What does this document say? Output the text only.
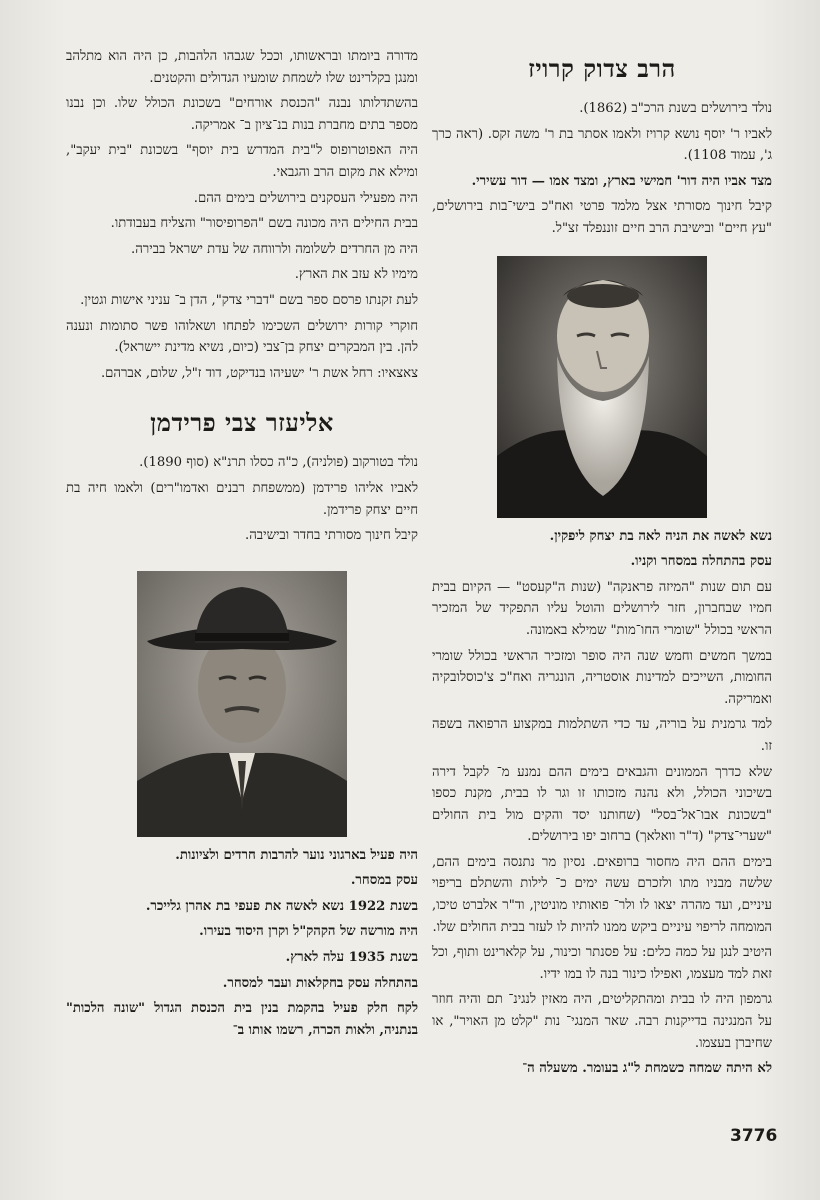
הרב צדוק קרויז

נולד בירושלים בשנת הרכ"ב (1862).

לאביו ר' יוסף נושא קרויז ולאמו אסתר בת ר' משה זקס. (ראה כרך ג', עמוד 1108).

מצד אביו היה דור' חמישי בארץ, ומצד אמו — דור עשירי.

קיבל חינוך מסורתי אצל מלמד פרטי ואח"כ בישי־בות בירושלים, "עץ חיים" ובישיבת הרב חיים זוננפלד זצ"ל.

נשא לאשה את הניה לאה בת יצחק ליפקין.

עסק בהתחלה במסחר וקניו.

עם תום שנות "המיזה פראנקה" (שנות ה"קעסט" — הקיום בבית חמיו שבחברון, חזר לירושלים והוטל עליו התפקיד של המזכיר הראשי בכולל "שומרי החו־מות" שמילא באמונה.

במשך חמשים וחמש שנה היה סופר ומזכיר הראשי בכולל שומרי החומות, השייכים למדינות אוסטריה, הונגריה ואח"כ צ'כוסלובקיה ואמריקה.

למד גרמנית על בוריה, עד כדי השתלמות במקצוע הרפואה בשפה זו.

שלא כדרך הממונים והגבאים בימים ההם נמנע מ־ לקבל דירה בשיכוני הכולל, ולא נהנה מזכותו זו וגר לו בבית, מקנת כספו "בשכונת אבו־אל־בסל" (שחותנו יסד והקים מול בית החולים "שערי־צדק" (ד"ר וואלאך) ברחוב יפו בירושלים.

בימים ההם היה מחסור ברופאים. נסיון מר נתנסה בימים ההם, שלשה מבניו מתו ולזכרם עשה ימים כ־ לילות והשתלם בריפוי עיניים, ועד מהרה יצאו לו ולר־ פואותיו מוניטין, וד"ר אלברט טיכו, המומחה לריפוי עיניים ביקש ממנו להיות לו לעזר בבית החולים שלו.

היטיב לנגן על כמה כלים: על פסנתר וכינור, על קלארינט ותוף, וכל זאת למד מעצמו, ואפילו כינור בנה לו במו ידיו.

גרמפון היה לו בבית ומהתקליטים, היה מאזין לנגינ־ תם והיה חוזר על המנגינה בדייקנות רבה. שאר המנגי־ נות "קלט מן האויר", או שחיברן בעצמו.

לא היתה שמחה כשמחת ל"ג בעומר. משעלה ה־

מדורה ביומתו ובראשותו, וככל שגבהו הלהבות, כן היה הוא מתלהב ומנגן בקלרינט שלו לשמחת שומעיו הגדולים והקטנים.

בהשתדלותו נבנה "הכנסת אורחים" בשכונת הכולל שלו. וכן נבנו מספר בתים מחברת בנות בנ־ציון ב־ אמריקה.

היה האפוטרופוס ל"בית המדרש בית יוסף" בשכונת "בית יעקב", ומילא את מקום הרב והגבאי.

היה מפעילי העסקנים בירושלים בימים ההם.

בבית החילים היה מכונה בשם "הפרופיסור" והצליח בעבודתו.

היה מן החרדים לשלומה ולרווחה של עדת ישראל בבירה.

מימיו לא עזב את הארץ.

לעת זקנתו פרסם ספר בשם "דברי צדק", הדן ב־ עניני אישות וגטין.

חוקרי קורות ירושלים השכימו לפתחו ושאלוהו פשר סתומות ונענה להן. בין המבקרים יצחק בן־צבי (כיום, נשיא מדינת יישראל).

צאצאיו: רחל אשת ר' ישעיהו בנדיקט, דוד ז"ל, שלום, אברהם.

אליעזר צבי פרידמן

נולד בטורקוב (פולניה), כ"ה כסלו תרנ"א (סוף 1890).

לאביו אליהו פרידמן (ממשפחת רבנים ואדמו"רים) ולאמו חיה בת חיים יצחק פרידמן.

קיבל חינוך מסורתי בחדר ובישיבה.

היה פעיל בארגוני נוער להרבות חרדים ולציונות.

עסק במסחר.

בשנת 1922 נשא לאשה את פעפי בת אהרן גלייכר.

היה מורשה של הקהק"ל וקרן היסוד בעירו.

בשנת 1935 עלה לארץ.

בהתחלה עסק בחקלאות ועבר למסחר.

לקח חלק פעיל בהקמת בנין בית הכנסת הגדול "שונה הלכות" בנתניה, ולאות הכרה, רשמו אותו ב־

3776
